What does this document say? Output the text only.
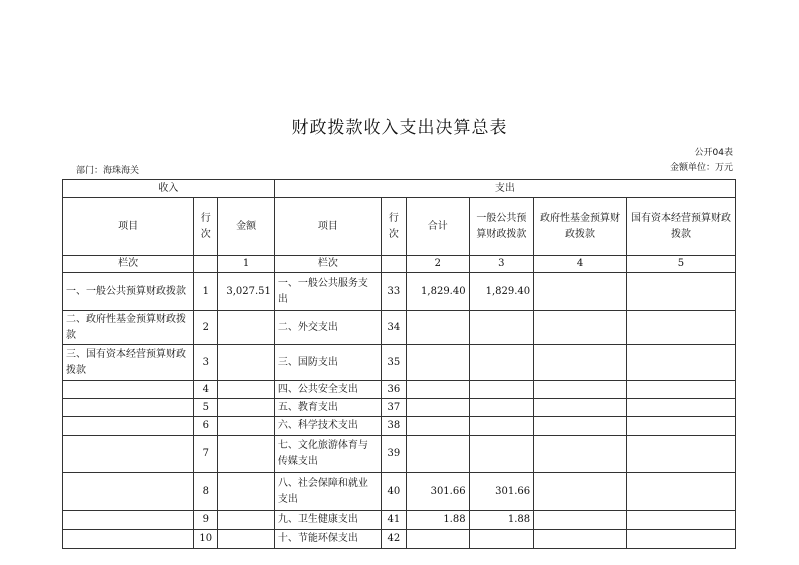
财政拨款收入支出决算总表
公开04表
部门：海珠海关	金额单位：万元
收入			支出					
项目	行次	金额	项目	行次	合计	一般公共预算财政拨款	政府性基金预算财政拨款	国有资本经营预算财政拨款
栏次		1	栏次		2	3	4	5
一、一般公共预算财政拨款	1	3,027.51	一、一般公共服务支出	33	1,829.40	1,829.40		
二、政府性基金预算财政拨款	2		二、外交支出	34				
三、国有资本经营预算财政拨款	3		三、国防支出	35				
	4		四、公共安全支出	36				
	5		五、教育支出	37				
	6		六、科学技术支出	38				
	7		七、文化旅游体育与传媒支出	39				
	8		八、社会保障和就业支出	40	301.66	301.66		
	9		九、卫生健康支出	41	1.88	1.88		
	10		十、节能环保支出	42				
